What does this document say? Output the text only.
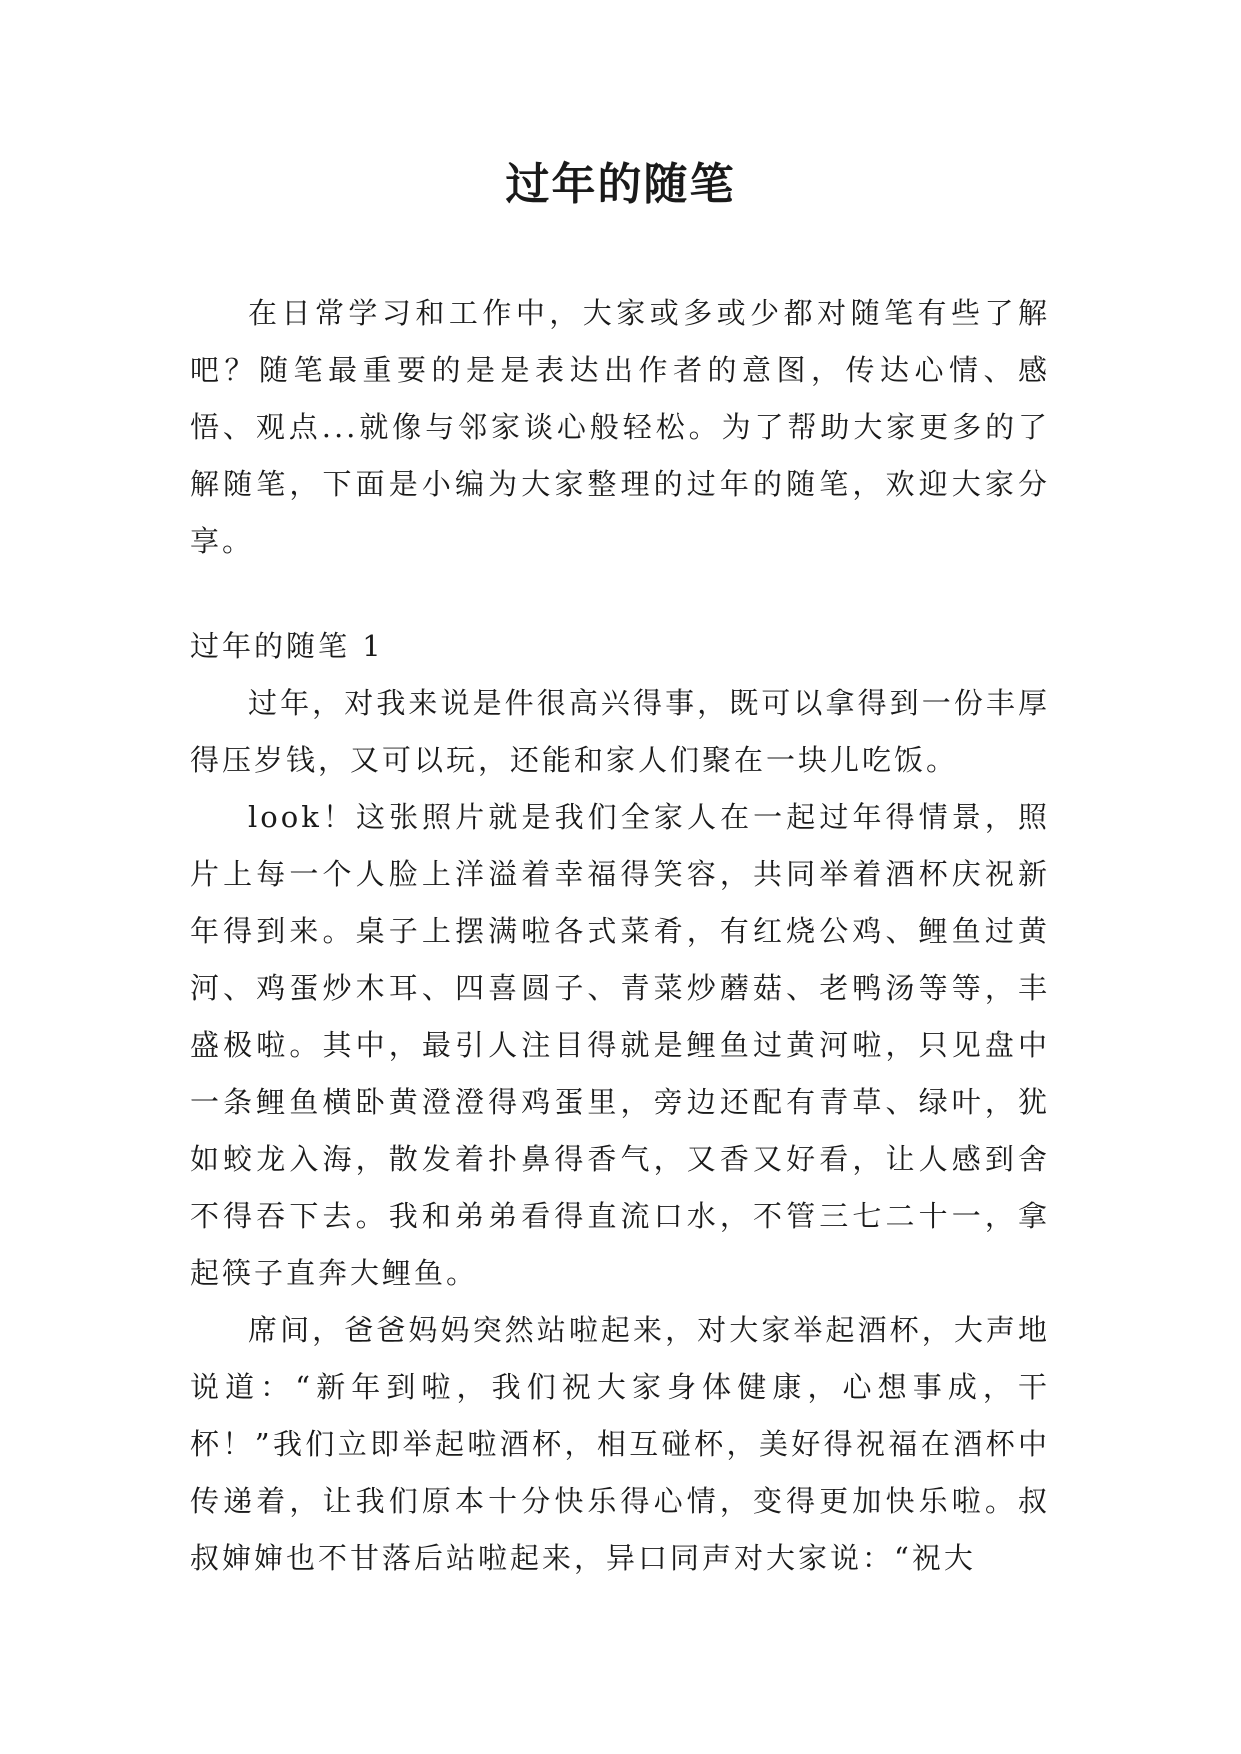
过年的随笔

在日常学习和工作中，大家或多或少都对随笔有些了解吧？随笔最重要的是是表达出作者的意图，传达心情、感悟、观点...就像与邻家谈心般轻松。为了帮助大家更多的了解随笔，下面是小编为大家整理的过年的随笔，欢迎大家分享。

过年的随笔 1

过年，对我来说是件很高兴得事，既可以拿得到一份丰厚得压岁钱，又可以玩，还能和家人们聚在一块儿吃饭。

look！这张照片就是我们全家人在一起过年得情景，照片上每一个人脸上洋溢着幸福得笑容，共同举着酒杯庆祝新年得到来。桌子上摆满啦各式菜肴，有红烧公鸡、鲤鱼过黄河、鸡蛋炒木耳、四喜圆子、青菜炒蘑菇、老鸭汤等等，丰盛极啦。其中，最引人注目得就是鲤鱼过黄河啦，只见盘中一条鲤鱼横卧黄澄澄得鸡蛋里，旁边还配有青草、绿叶，犹如蛟龙入海，散发着扑鼻得香气，又香又好看，让人感到舍不得吞下去。我和弟弟看得直流口水，不管三七二十一，拿起筷子直奔大鲤鱼。

席间，爸爸妈妈突然站啦起来，对大家举起酒杯，大声地说道：“新年到啦，我们祝大家身体健康，心想事成，干杯！”我们立即举起啦酒杯，相互碰杯，美好得祝福在酒杯中传递着，让我们原本十分快乐得心情，变得更加快乐啦。叔叔婶婶也不甘落后站啦起来，异口同声对大家说：“祝大
